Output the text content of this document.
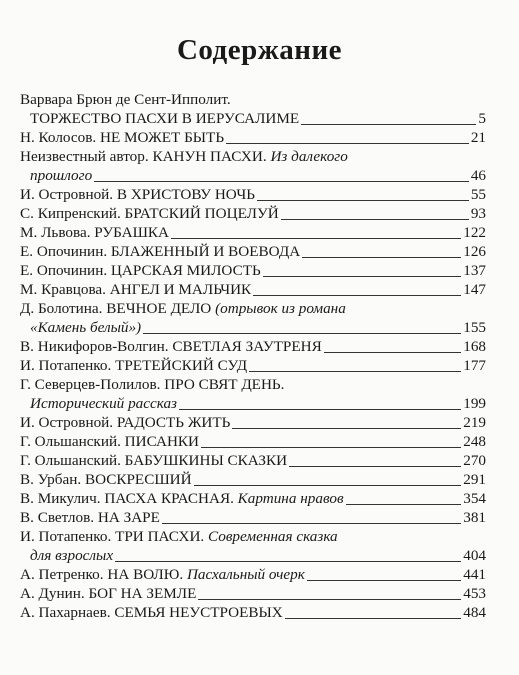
Содержание
Варвара Брюн де Сент-Ипполит.
ТОРЖЕСТВО ПАСХИ В ИЕРУСАЛИМЕ	5
Н. Колосов. НЕ МОЖЕТ БЫТЬ	21
Неизвестный автор. КАНУН ПАСХИ. Из далекого
прошлого	46
И. Островной. В ХРИСТОВУ НОЧЬ	55
С. Кипренский. БРАТСКИЙ ПОЦЕЛУЙ	93
М. Львова. РУБАШКА	122
Е. Опочинин. БЛАЖЕННЫЙ И ВОЕВОДА	126
Е. Опочинин. ЦАРСКАЯ МИЛОСТЬ	137
М. Кравцова. АНГЕЛ И МАЛЬЧИК	147
Д. Болотина. ВЕЧНОЕ ДЕЛО (отрывок из романа
«Камень белый»)	155
В. Никифоров-Волгин. СВЕТЛАЯ ЗАУТРЕНЯ	168
И. Потапенко. ТРЕТЕЙСКИЙ СУД	177
Г. Северцев-Полилов. ПРО СВЯТ ДЕНЬ.
Исторический рассказ	199
И. Островной. РАДОСТЬ ЖИТЬ	219
Г. Ольшанский. ПИСАНКИ	248
Г. Ольшанский. БАБУШКИНЫ СКАЗКИ	270
В. Урбан. ВОСКРЕСШИЙ	291
В. Микулич. ПАСХА КРАСНАЯ. Картина нравов	354
В. Светлов. НА ЗАРЕ	381
И. Потапенко. ТРИ ПАСХИ. Современная сказка
для взрослых	404
А. Петренко. НА ВОЛЮ. Пасхальный очерк	441
А. Дунин. БОГ НА ЗЕМЛЕ	453
А. Пахарнаев. СЕМЬЯ НЕУСТРОЕВЫХ	484
